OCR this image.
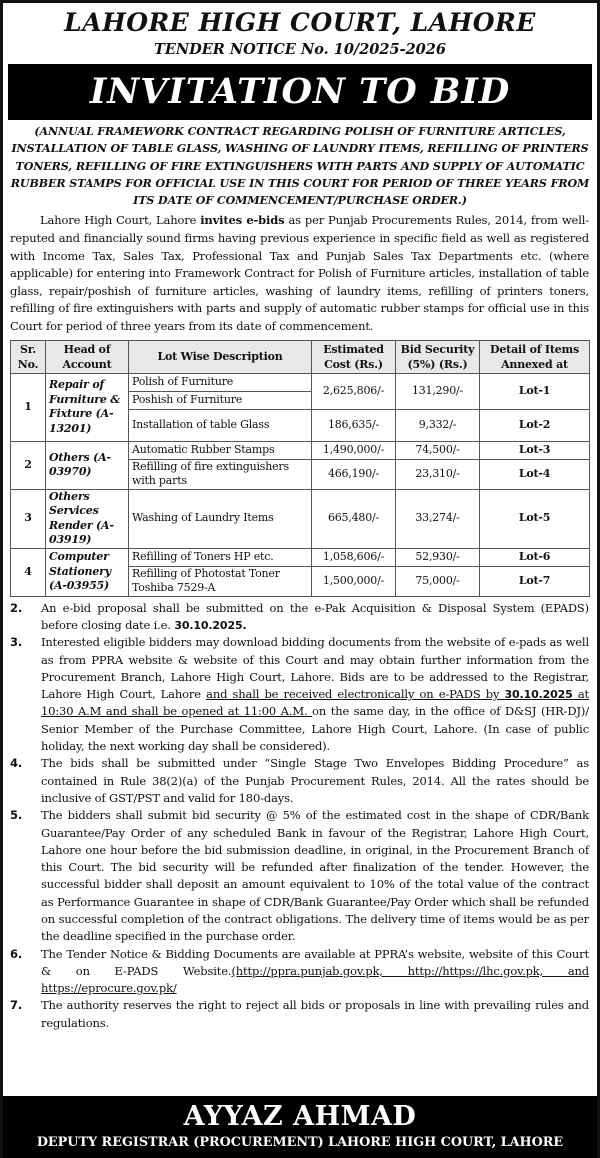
LAHORE HIGH COURT, LAHORE
TENDER NOTICE No. 10/2025-2026
INVITATION TO BID
(ANNUAL FRAMEWORK CONTRACT REGARDING POLISH OF FURNITURE ARTICLES, INSTALLATION OF TABLE GLASS, WASHING OF LAUNDRY ITEMS, REFILLING OF PRINTERS TONERS, REFILLING OF FIRE EXTINGUISHERS WITH PARTS AND SUPPLY OF AUTOMATIC RUBBER STAMPS FOR OFFICIAL USE IN THIS COURT FOR PERIOD OF THREE YEARS FROM ITS DATE OF COMMENCEMENT/PURCHASE ORDER.)

Lahore High Court, Lahore invites e-bids as per Punjab Procurements Rules, 2014, from well-reputed and financially sound firms having previous experience in specific field as well as registered with Income Tax, Sales Tax, Professional Tax and Punjab Sales Tax Departments etc. (where applicable) for entering into Framework Contract for Polish of Furniture articles, installation of table glass, repair/poshish of furniture articles, washing of laundry items, refilling of printers toners, refilling of fire extinguishers with parts and supply of automatic rubber stamps for official use in this Court for period of three years from its date of commencement.

Sr. No.	Head of Account	Lot Wise Description	Estimated Cost (Rs.)	Bid Security (5%) (Rs.)	Detail of Items Annexed at
1	Repair of Furniture & Fixture (A-13201)	Polish of Furniture	2,625,806/-	131,290/-	Lot-1
		Poshish of Furniture			
		Installation of table Glass	186,635/-	9,332/-	Lot-2
2	Others (A-03970)	Automatic Rubber Stamps	1,490,000/-	74,500/-	Lot-3
		Refilling of fire extinguishers with parts	466,190/-	23,310/-	Lot-4
3	Others Services Render (A-03919)	Washing of Laundry Items	665,480/-	33,274/-	Lot-5
4	Computer Stationery (A-03955)	Refilling of Toners HP etc.	1,058,606/-	52,930/-	Lot-6
		Refilling of Photostat Toner Toshiba 7529-A	1,500,000/-	75,000/-	Lot-7
2.	An e-bid proposal shall be submitted on the e-Pak Acquisition & Disposal System (EPADS) before closing date i.e. 30.10.2025.
3.	Interested eligible bidders may download bidding documents from the website of e-pads as well as from PPRA website & website of this Court and may obtain further information from the Procurement Branch, Lahore High Court, Lahore. Bids are to be addressed to the Registrar, Lahore High Court, Lahore and shall be received electronically on e-PADS by 30.10.2025 at 10:30 A.M and shall be opened at 11:00 A.M. on the same day, in the office of D&SJ (HR-DJ)/ Senior Member of the Purchase Committee, Lahore High Court, Lahore. (In case of public holiday, the next working day shall be considered).
4.	The bids shall be submitted under “Single Stage Two Envelopes Bidding Procedure” as contained in Rule 38(2)(a) of the Punjab Procurement Rules, 2014. All the rates should be inclusive of GST/PST and valid for 180-days.
5.	The bidders shall submit bid security @ 5% of the estimated cost in the shape of CDR/Bank Guarantee/Pay Order of any scheduled Bank in favour of the Registrar, Lahore High Court, Lahore one hour before the bid submission deadline, in original, in the Procurement Branch of this Court. The bid security will be refunded after finalization of the tender. However, the successful bidder shall deposit an amount equivalent to 10% of the total value of the contract as Performance Guarantee in shape of CDR/Bank Guarantee/Pay Order which shall be refunded on successful completion of the contract obligations. The delivery time of items would be as per the deadline specified in the purchase order.
6.	The Tender Notice & Bidding Documents are available at PPRA’s website, website of this Court & on E-PADS Website.(http://ppra.punjab.gov.pk, http://https://lhc.gov.pk, and https://eprocure.gov.pk/
7.	The authority reserves the right to reject all bids or proposals in line with prevailing rules and regulations.
AYYAZ AHMAD
DEPUTY REGISTRAR (PROCUREMENT) LAHORE HIGH COURT, LAHORE
